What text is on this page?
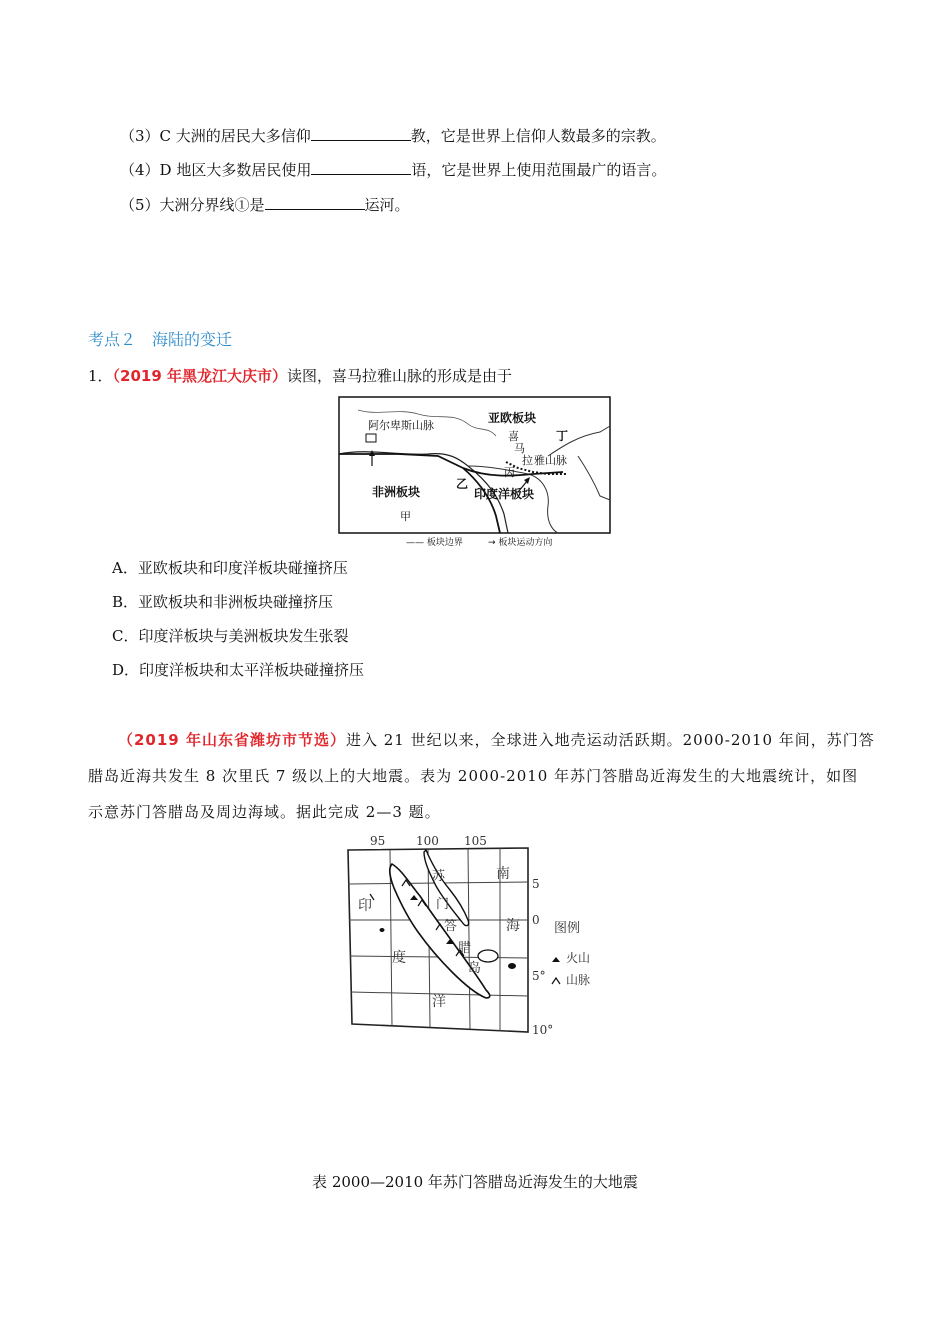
（3）C 大洲的居民大多信仰	教，它是世界上信仰人数最多的宗教。
（4）D 地区大多数居民使用	语，它是世界上使用范围最广的语言。
（5）大洲分界线①是	运河。
考点２　海陆的变迁
1．（2019 年黑龙江大庆市）读图，喜马拉雅山脉的形成是由于
阿尔卑斯山脉
亚欧板块
喜
马
拉 雅山脉
丁
丙
乙
印度洋板块
非洲板块
甲
—— 板块边界	→ 板块运动方向
A．亚欧板块和印度洋板块碰撞挤压
B．亚欧板块和非洲板块碰撞挤压
C．印度洋板块与美洲板块发生张裂
D．印度洋板块和太平洋板块碰撞挤压
（2019 年山东省潍坊市节选）进入 21 世纪以来，全球进入地壳运动活跃期。2000-2010 年间，苏门答
腊岛近海共发生 8 次里氏 7 级以上的大地震。表为 2000-2010 年苏门答腊岛近海发生的大地震统计，如图
示意苏门答腊岛及周边海域。据此完成 2—3 题。
95	100 105
5
0
5°
10°
印
度
洋
南
海
苏
门
答
腊
岛
图例
火山
山脉
表 2000—2010 年苏门答腊岛近海发生的大地震
